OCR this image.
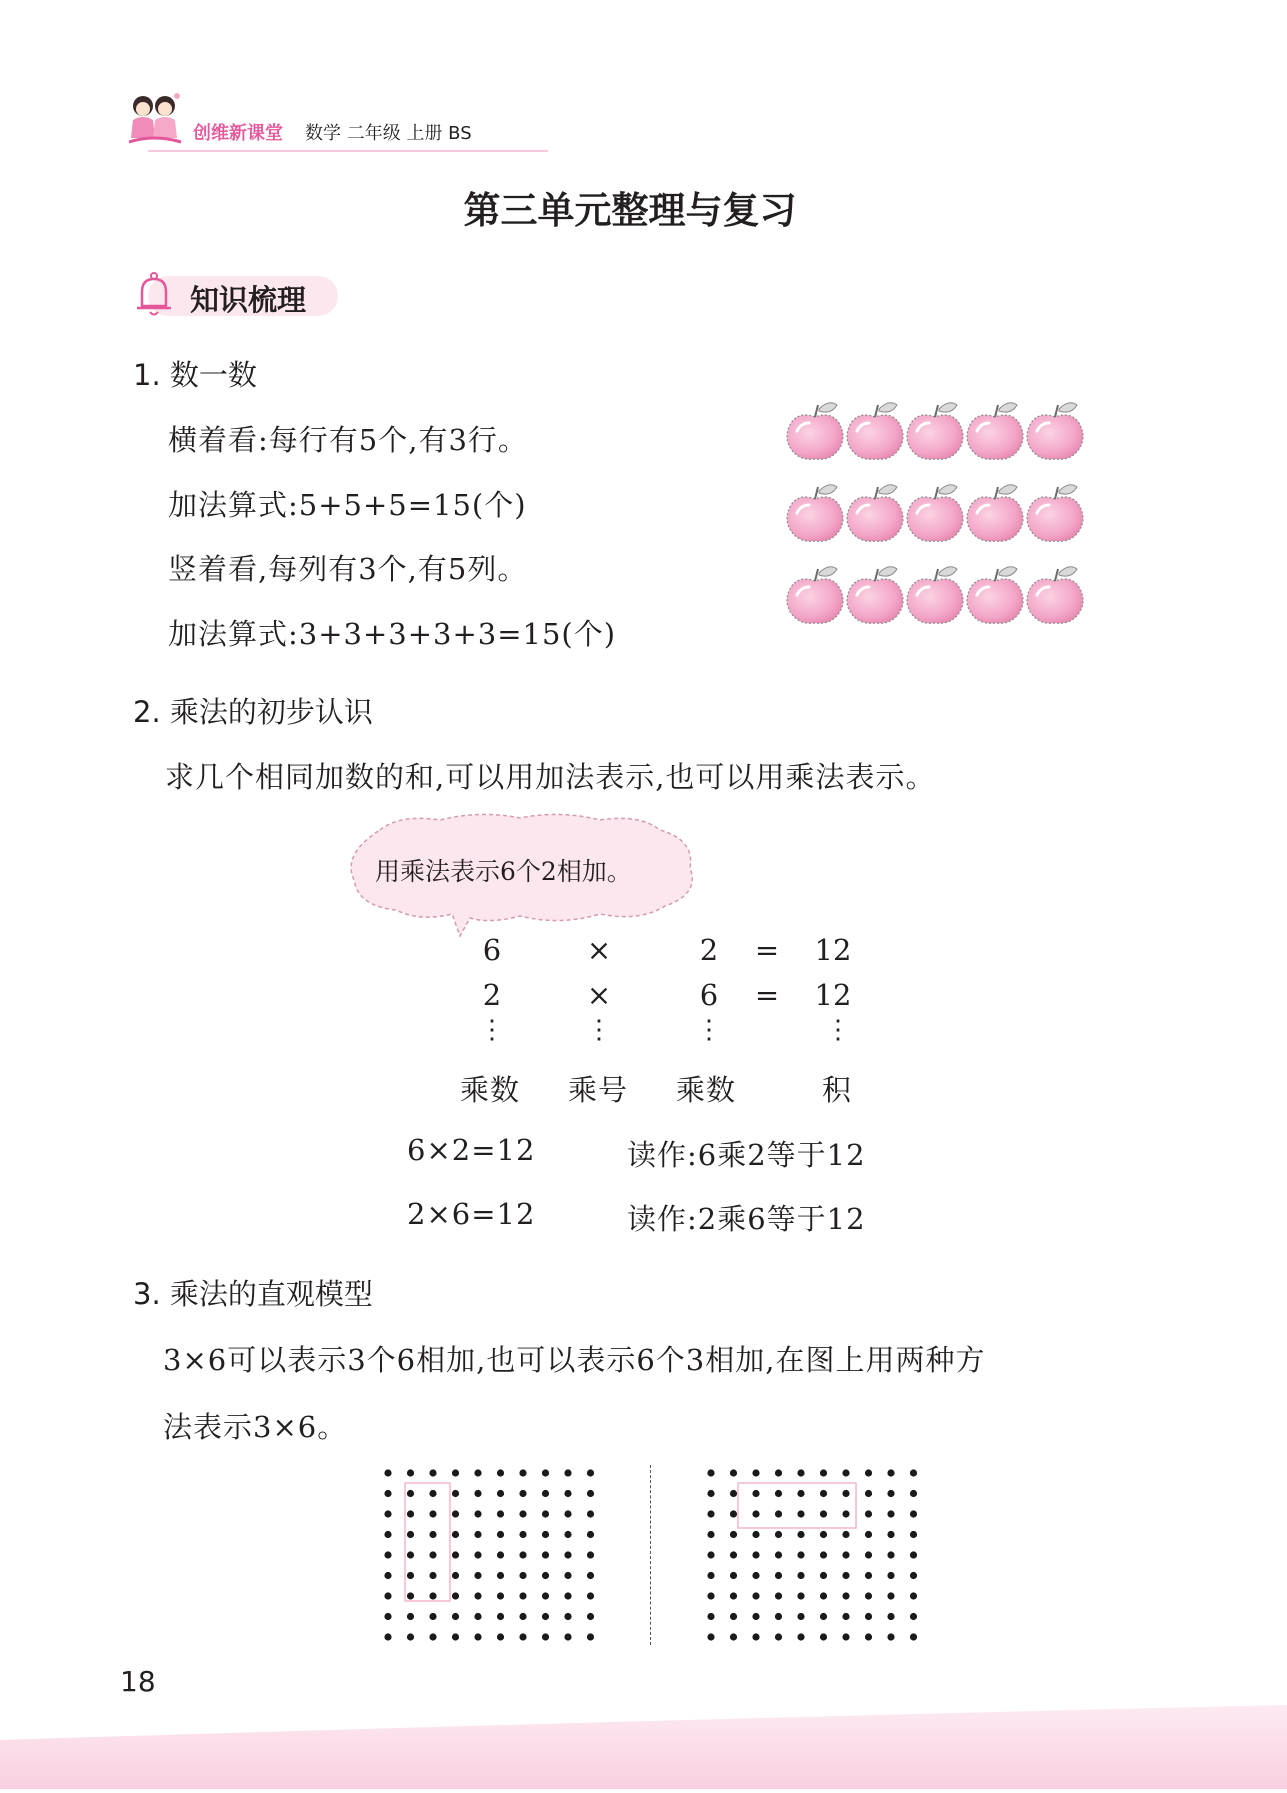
创维新课堂 数学 二年级 上册 BS
第三单元整理与复习
知识梳理
1. 数一数
横着看:每行有5个,有3行。
加法算式:5+5+5=15(个)
竖着看,每列有3个,有5列。
加法算式:3+3+3+3+3=15(个)
2. 乘法的初步认识
求几个相同加数的和,可以用加法表示,也可以用乘法表示。
用乘法表示6个2相加。
6	×	2	=	12
2	×	6	=	12
⋮	⋮	⋮	⋮
乘数 乘号 乘数	积
6×2=12	读作:6乘2等于12
2×6=12	读作:2乘6等于12
3. 乘法的直观模型
3×6可以表示3个6相加,也可以表示6个3相加,在图上用两种方
法表示3×6。
18
